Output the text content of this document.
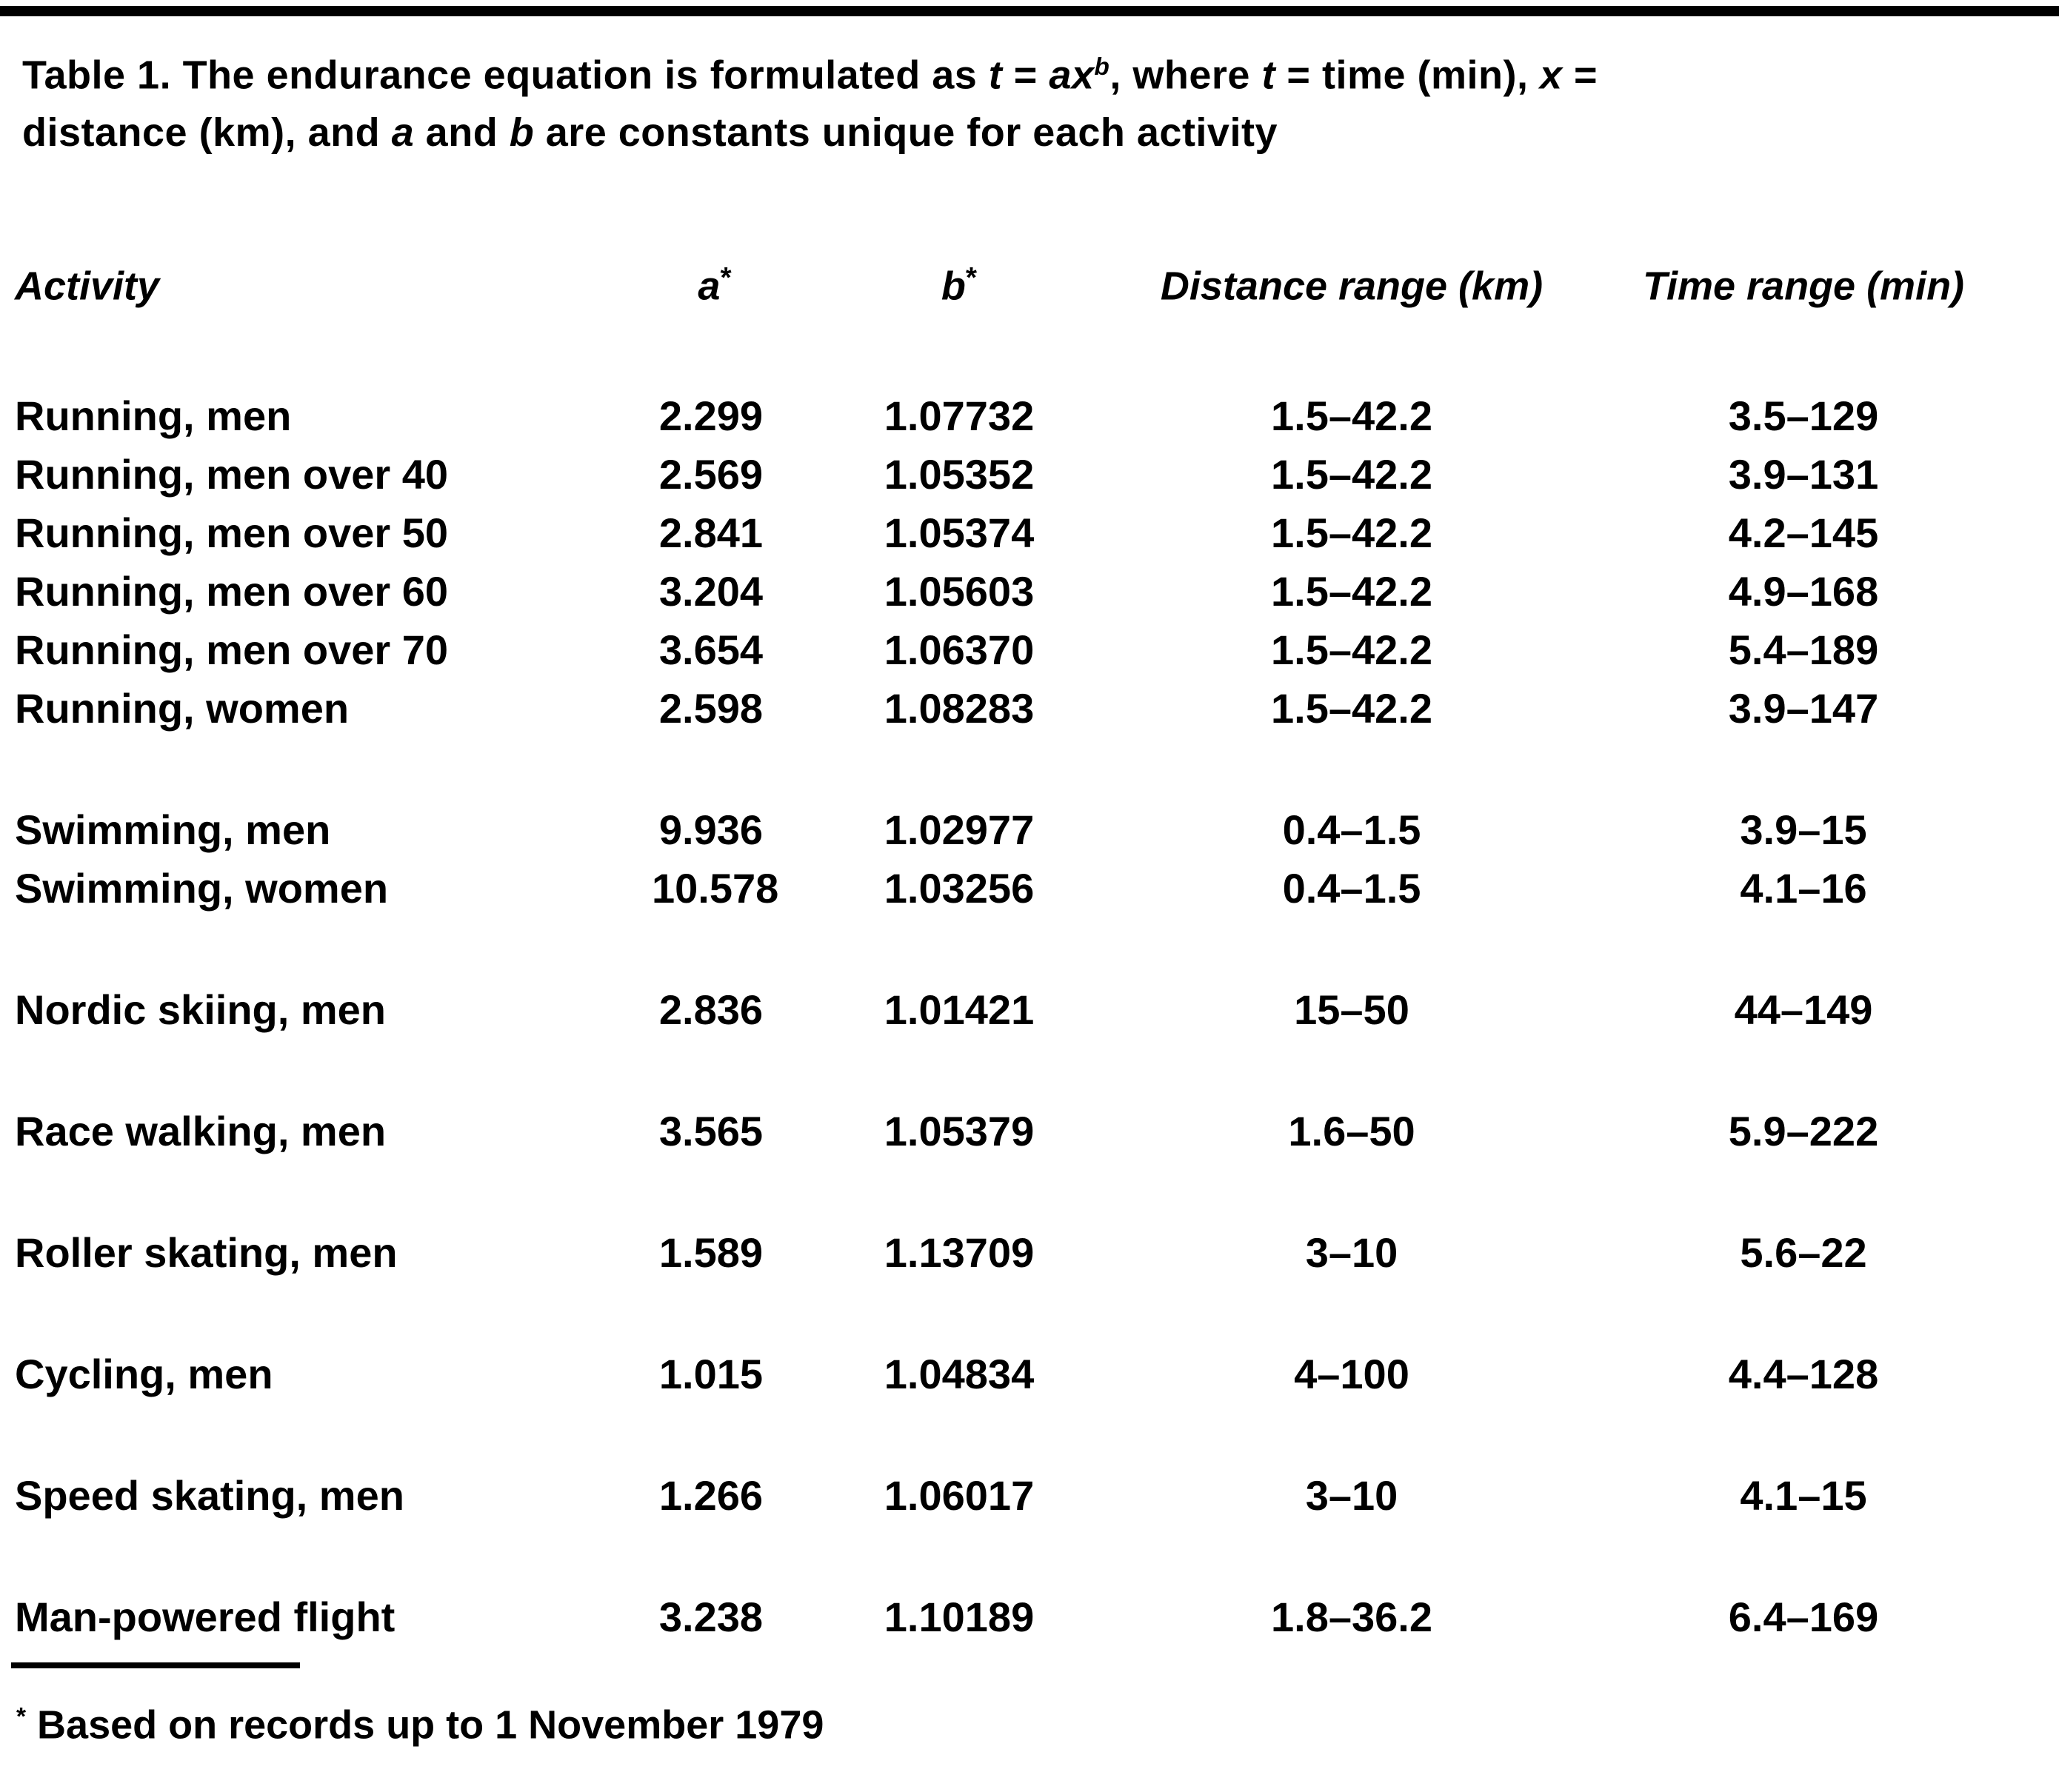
Table 1. The endurance equation is formulated as $t = ax^b$, where t = time (min), x =
distance (km), and a and b are constants unique for each activity

Activity	a*	b*	Distance range (km)	Time range (min)
Running, men	2.299	1.07732	1.5–42.2	3.5–129
Running, men over 40	2.569	1.05352	1.5–42.2	3.9–131
Running, men over 50	2.841	1.05374	1.5–42.2	4.2–145
Running, men over 60	3.204	1.05603	1.5–42.2	4.9–168
Running, men over 70	3.654	1.06370	1.5–42.2	5.4–189
Running, women	2.598	1.08283	1.5–42.2	3.9–147
Swimming, men	9.936	1.02977	0.4–1.5	3.9–15
Swimming, women	10.578	1.03256	0.4–1.5	4.1–16
Nordic skiing, men	2.836	1.01421	15–50	44–149
Race walking, men	3.565	1.05379	1.6–50	5.9–222
Roller skating, men	1.589	1.13709	3–10	5.6–22
Cycling, men	1.015	1.04834	4–100	4.4–128
Speed skating, men	1.266	1.06017	3–10	4.1–15
Man-powered flight	3.238	1.10189	1.8–36.2	6.4–169

* Based on records up to 1 November 1979
